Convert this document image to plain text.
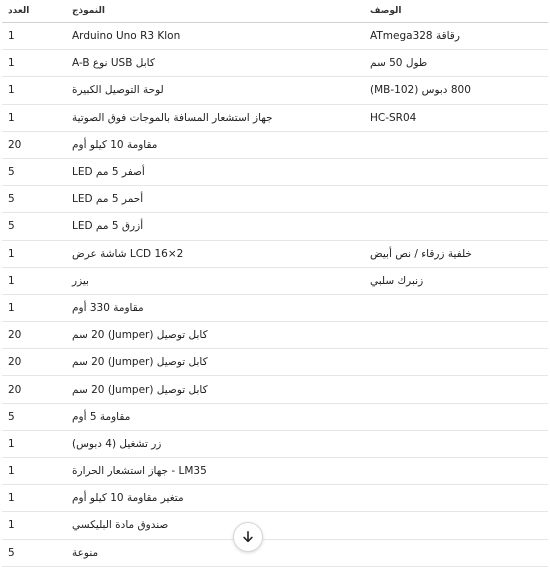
العدد	النموذج	الوصف
1	Arduino Uno R3 Klon	رقاقة ATmega328
1	كابل USB نوع A-B	طول 50 سم
1	لوحة التوصيل الكبيرة	800 دبوس (MB-102)
1	جهاز استشعار المسافة بالموجات فوق الصوتية	HC-SR04
20	مقاومة 10 كيلو أوم	
5	أصفر 5 مم LED	
5	أحمر 5 مم LED	
5	أزرق 5 مم LED	
1	LCD 16×2 شاشة عرض	خلفية زرقاء / نص أبيض
1	بيزر	زنبرك سلبي
1	مقاومة 330 أوم	
20	كابل توصيل (Jumper) 20 سم	
20	كابل توصيل (Jumper) 20 سم	
20	كابل توصيل (Jumper) 20 سم	
5	مقاومة 5 أوم	
1	زر تشغيل (4 دبوس)	
1	LM35 - جهاز استشعار الحرارة	
1	متغير مقاومة 10 كيلو أوم	
1	صندوق مادة البليكسي	
5	منوعة	
